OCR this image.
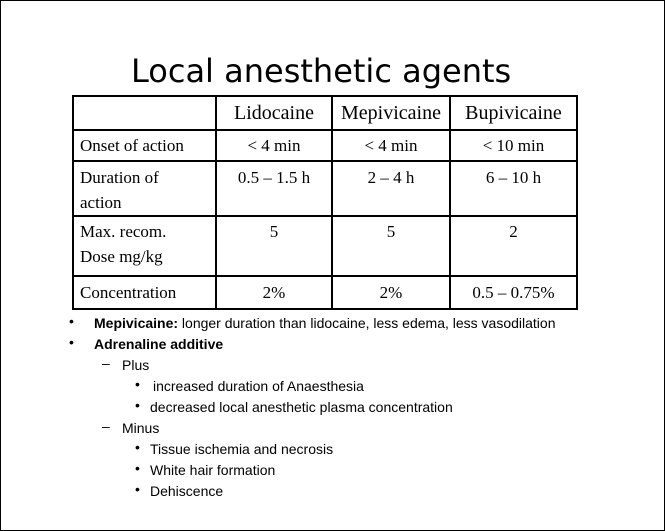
Local anesthetic agents
	Lidocaine	Mepivicaine	Bupivicaine
Onset of action	< 4 min	< 4 min	< 10 min

Duration of
action	0.5 – 1.5 h	2 – 4 h	6 – 10 h

Max. recom.
Dose mg/kg	5	5	2
Concentration	2%	2%	0.5 – 0.75%
• Mepivicaine: longer duration than lidocaine, less edema, less vasodilation
• Adrenaline additive
– Plus
• increased duration of Anaesthesia
• decreased local anesthetic plasma concentration
– Minus
• Tissue ischemia and necrosis
• White hair formation
• Dehiscence
